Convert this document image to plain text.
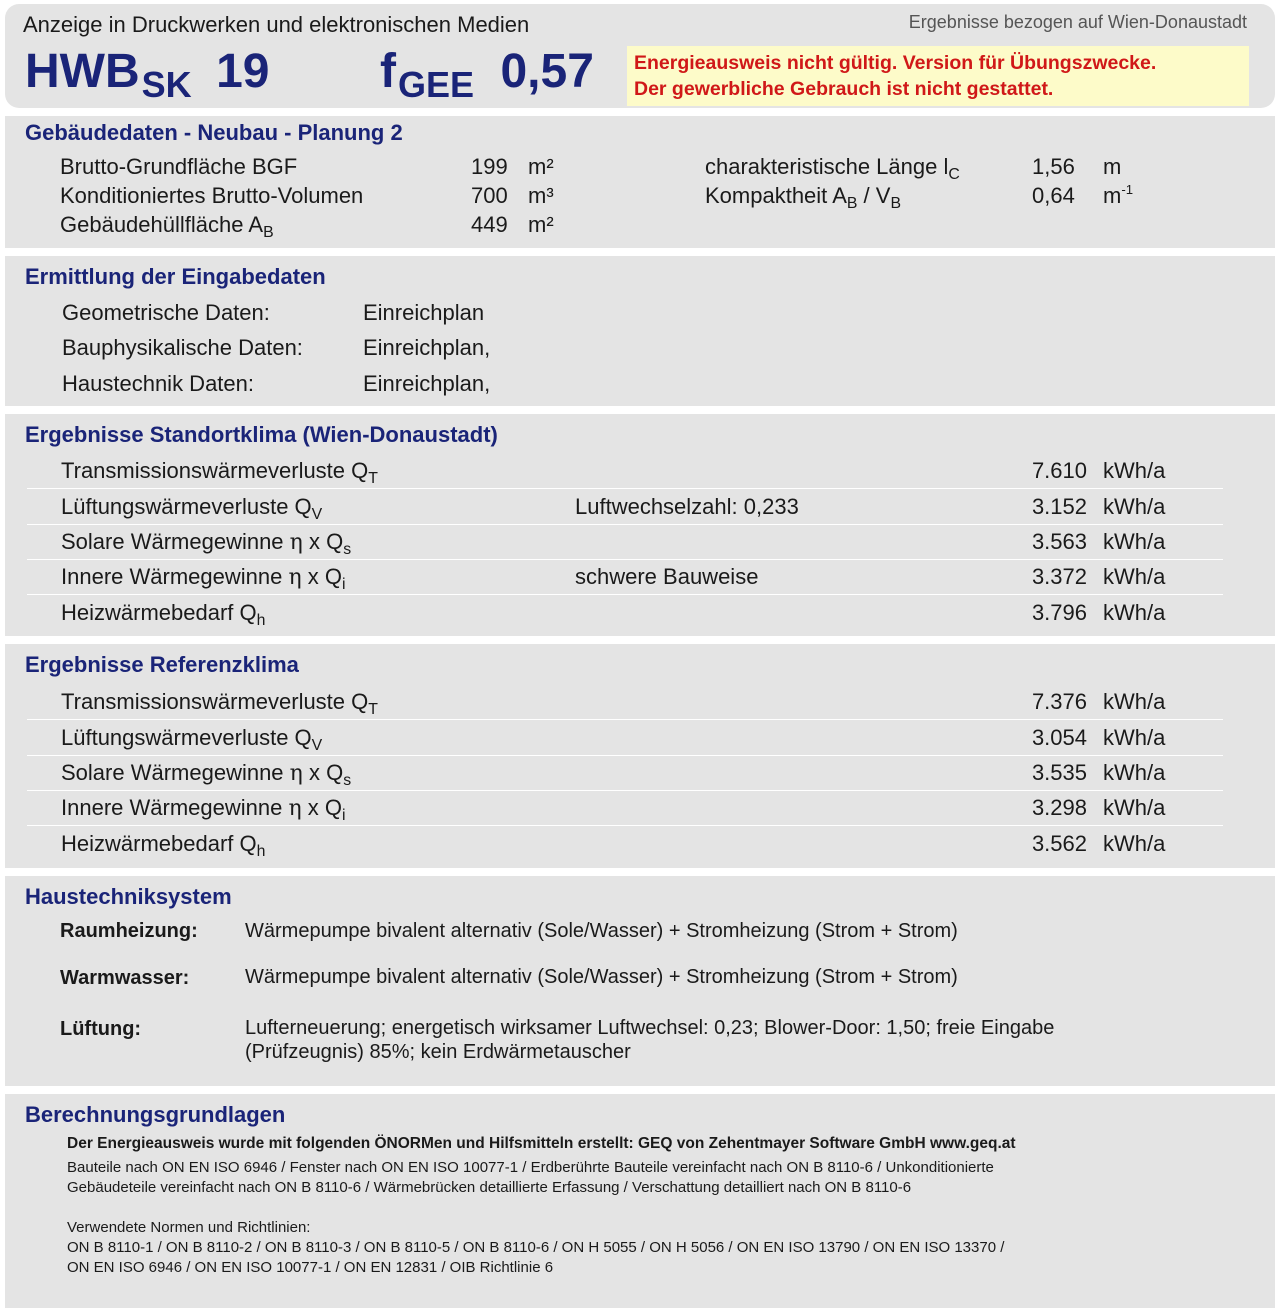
Anzeige in Druckwerken und elektronischen Medien	Ergebnisse bezogen auf Wien-Donaustadt
HWBSK 19 fGEE 0,57 Energieausweis nicht gültig. Version für Übungszwecke.
Der gewerbliche Gebrauch ist nicht gestattet.
Gebäudedaten - Neubau - Planung 2
Brutto-Grundfläche BGF	199 m²
Konditioniertes Brutto-Volumen	700 m³
Gebäudehüllfläche $A_B$	449 m²
charakteristische Länge $l_C$	1,56 m
Kompaktheit $A_B / V_B$	0,64 $m^{-1}$
Ermittlung der Eingabedaten
Geometrische Daten:	Einreichplan
Bauphysikalische Daten:	Einreichplan,
Haustechnik Daten:	Einreichplan,
Ergebnisse Standortklima (Wien-Donaustadt)
Transmissionswärmeverluste $Q_T$	7.610 kWh/a
Lüftungswärmeverluste $Q_V$	Luftwechselzahl: 0,233	3.152 kWh/a
Solare Wärmegewinne η x $Q_s$	3.563 kWh/a
Innere Wärmegewinne η x $Q_i$	schwere Bauweise	3.372 kWh/a
Heizwärmebedarf $Q_h$	3.796 kWh/a
Ergebnisse Referenzklima
Transmissionswärmeverluste $Q_T$	7.376 kWh/a
Lüftungswärmeverluste $Q_V$	3.054 kWh/a
Solare Wärmegewinne η x $Q_s$	3.535 kWh/a
Innere Wärmegewinne η x $Q_i$	3.298 kWh/a
Heizwärmebedarf $Q_h$	3.562 kWh/a
Haustechniksystem
Raumheizung: Wärmepumpe bivalent alternativ (Sole/Wasser) + Stromheizung (Strom + Strom)
Warmwasser:	Wärmepumpe bivalent alternativ (Sole/Wasser) + Stromheizung (Strom + Strom)
Lüftung:	Lufterneuerung; energetisch wirksamer Luftwechsel: 0,23; Blower-Door: 1,50; freie Eingabe
(Prüfzeugnis) 85%; kein Erdwärmetauscher
Berechnungsgrundlagen
Der Energieausweis wurde mit folgenden ÖNORMen und Hilfsmitteln erstellt: GEQ von Zehentmayer Software GmbH www.geq.at
Bauteile nach ON EN ISO 6946 / Fenster nach ON EN ISO 10077-1 / Erdberührte Bauteile vereinfacht nach ON B 8110-6 / Unkonditionierte
Gebäudeteile vereinfacht nach ON B 8110-6 / Wärmebrücken detaillierte Erfassung / Verschattung detailliert nach ON B 8110-6
Verwendete Normen und Richtlinien:
ON B 8110-1 / ON B 8110-2 / ON B 8110-3 / ON B 8110-5 / ON B 8110-6 / ON H 5055 / ON H 5056 / ON EN ISO 13790 / ON EN ISO 13370 /
ON EN ISO 6946 / ON EN ISO 10077-1 / ON EN 12831 / OIB Richtlinie 6
